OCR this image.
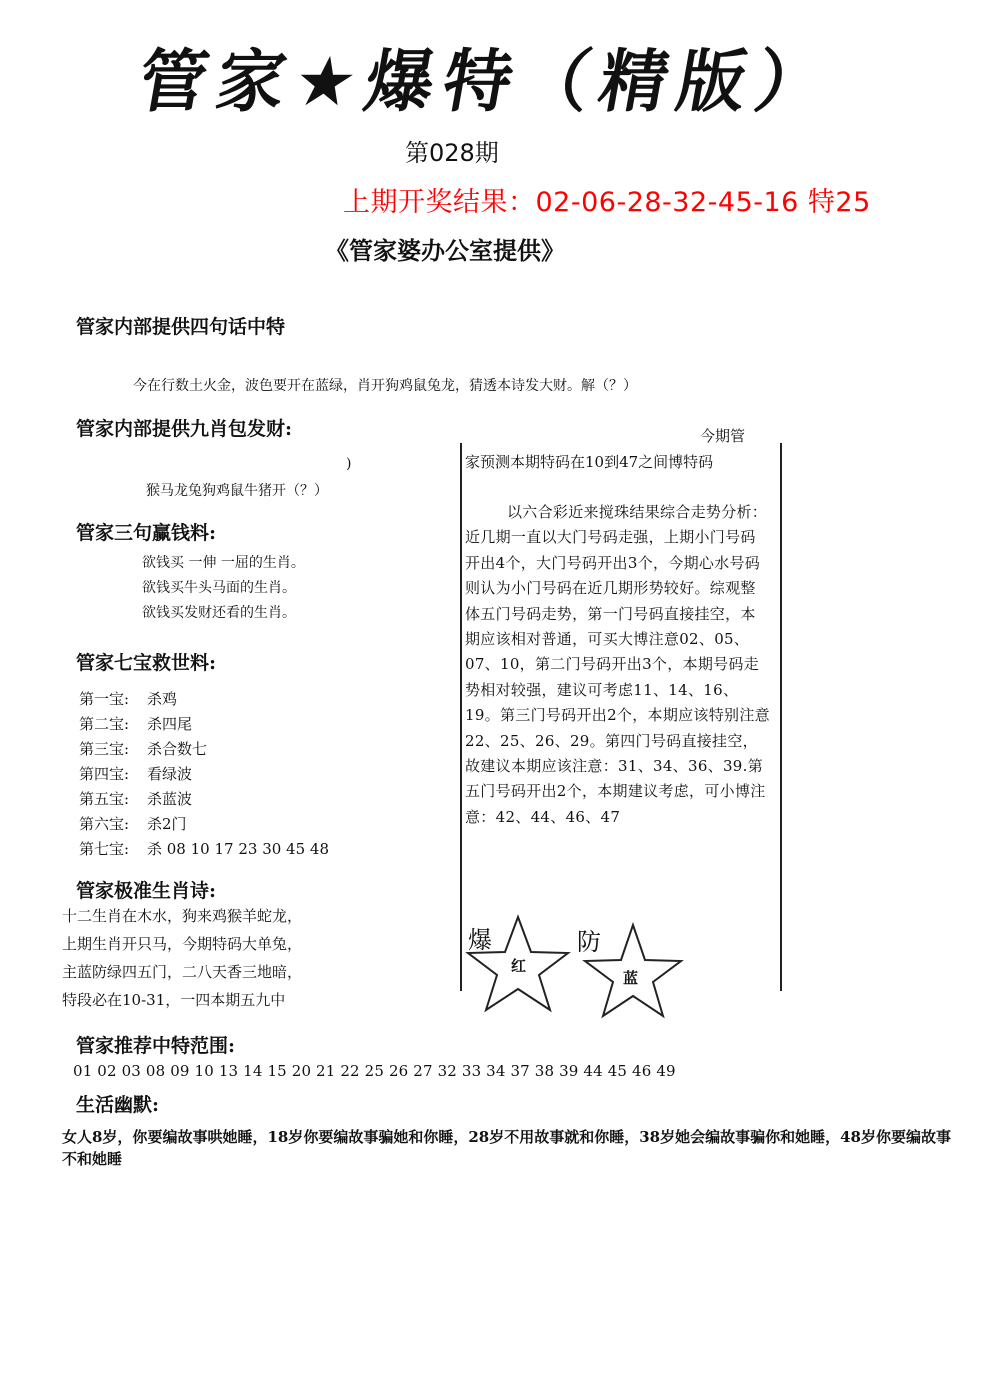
管家★爆特（精版）
第028期
上期开奖结果：02-06-28-32-45-16 特25
《管家婆办公室提供》
管家内部提供四句话中特
今在行数土火金，波色要开在蓝绿，肖开狗鸡鼠兔龙，猜透本诗发大财。解（？）
管家内部提供九肖包发财:
)
猴马龙兔狗鸡鼠牛猪开（？）
管家三句赢钱料:
欲钱买 一伸 一屈的生肖。
欲钱买牛头马面的生肖。
欲钱买发财还看的生肖。
管家七宝救世料:
第一宝: 杀鸡
第二宝: 杀四尾
第三宝: 杀合数七
第四宝: 看绿波
第五宝: 杀蓝波
第六宝: 杀2门
第七宝: 杀 08 10 17 23 30 45 48
管家极准生肖诗:
十二生肖在木水，狗来鸡猴羊蛇龙，
上期生肖开只马，今期特码大单兔，
主蓝防绿四五门，二八天香三地暗，
特段必在10-31，一四本期五九中
今期管
家预测本期特码在10到47之间博特码
以六合彩近来搅珠结果综合走势分析：近几期一直以大门号码走强，上期小门号码开出4个，大门号码开出3个，今期心水号码则认为小门号码在近几期形势较好。综观整体五门号码走势，第一门号码直接挂空，本期应该相对普通，可买大博注意02、05、07、10，第二门号码开出3个，本期号码走势相对较强，建议可考虑11、14、16、19。第三门号码开出2个，本期应该特别注意22、25、26、29。第四门号码直接挂空，故建议本期应该注意：31、34、36、39.第五门号码开出2个，本期建议考虑，可小博注意：42、44、46、47
爆
红
防
蓝
管家推荐中特范围:
01 02 03 08 09 10 13 14 15 20 21 22 25 26 27 32 33 34 37 38 39 44 45 46 49
生活幽默:
女人8岁，你要编故事哄她睡，18岁你要编故事骗她和你睡，28岁不用故事就和你睡，38岁她会编故事骗你和她睡，48岁你要编故事不和她睡
